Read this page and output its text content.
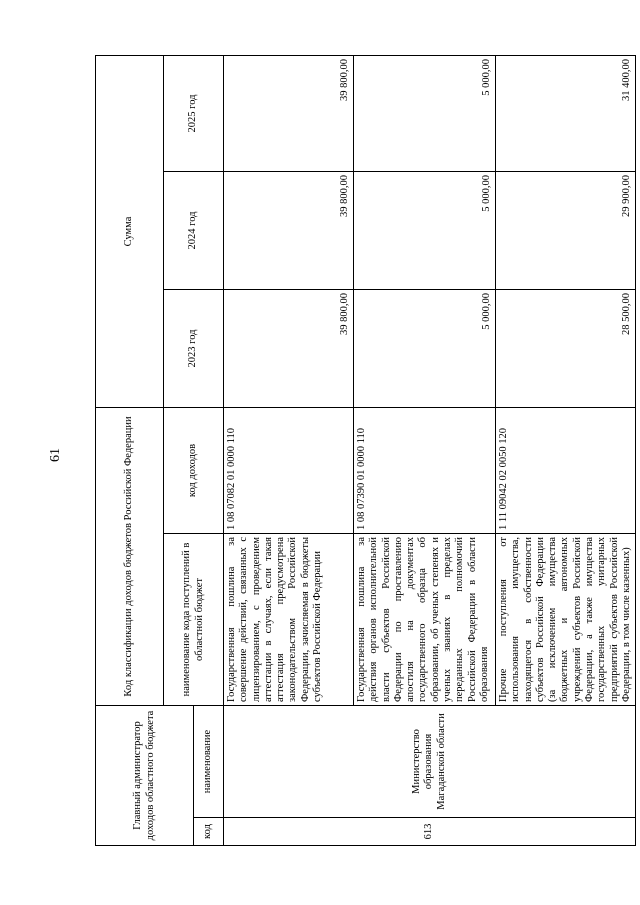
61
Главный администратор доходов областного бюджета		Код классификации доходов бюджетов Российской Федерации		Сумма		
		наименование кода поступлений в областной бюджет	код доходов	2023 год	2024 год	2025 год
код	наименование					
613	Министерство образования Магаданской области	Государственная пошлина за совершение действий, связанных с лицензированием, с проведением аттестации в случаях, если такая аттестация предусмотрена законодательством Российской Федерации, зачисляемая в бюджеты субъектов Российской Федерации	1 08 07082 01 0000 110	39 800,00	39 800,00	39 800,00
		Государственная пошлина за действия органов исполнительной власти субъектов Российской Федерации по проставлению апостиля на документах государственного образца об образовании, об ученых степенях и ученых званиях в пределах переданных полномочий Российской Федерации в области образования	1 08 07390 01 0000 110	5 000,00	5 000,00	5 000,00
		Прочие поступления от использования имущества, находящегося в собственности субъектов Российской Федерации (за исключением имущества бюджетных и автономных учреждений субъектов Российской Федерации, а также имущества государственных унитарных предприятий субъектов Российской Федерации, в том числе казенных)	1 11 09042 02 0050 120	28 500,00	29 900,00	31 400,00
